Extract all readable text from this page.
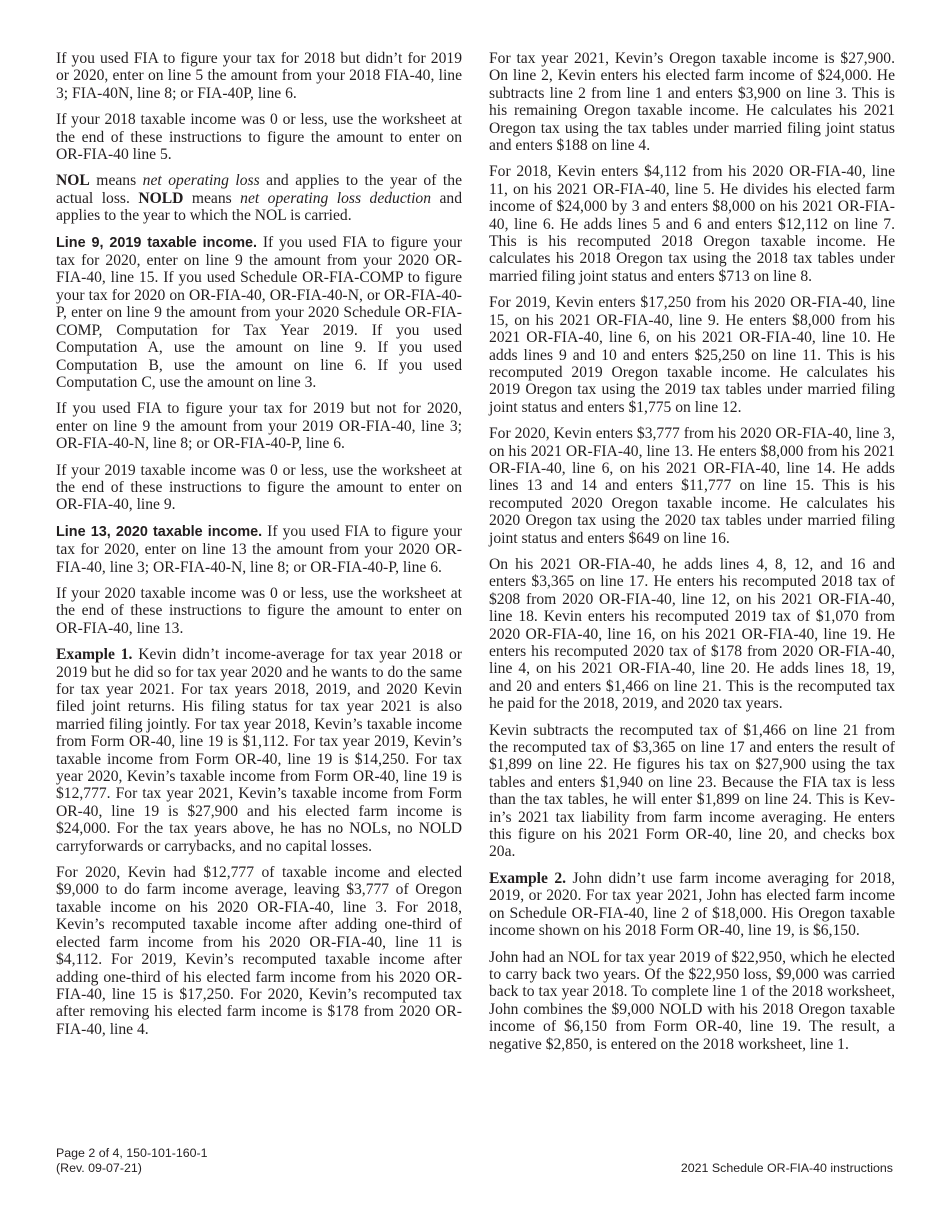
If you used FIA to figure your tax for 2018 but didn’t for 2019 or 2020, enter on line 5 the amount from your 2018 FIA-40, line 3; FIA-40N, line 8; or FIA-40P, line 6.

If your 2018 taxable income was 0 or less, use the worksheet at the end of these instructions to figure the amount to enter on OR-FIA-40 line 5.

NOL means net operating loss and applies to the year of the actual loss. NOLD means net operating loss deduction and applies to the year to which the NOL is carried.

Line 9, 2019 taxable income. If you used FIA to figure your tax for 2020, enter on line 9 the amount from your 2020 OR-FIA-40, line 15. If you used Schedule OR-FIA-COMP to figure your tax for 2020 on OR-FIA-40, OR-FIA-40-N, or OR-FIA-40-P, enter on line 9 the amount from your 2020 Schedule OR-FIA-COMP, Computation for Tax Year 2019. If you used Computation A, use the amount on line 9. If you used Computation B, use the amount on line 6. If you used Computation C, use the amount on line 3.

If you used FIA to figure your tax for 2019 but not for 2020, enter on line 9 the amount from your 2019 OR-FIA-40, line 3; OR-FIA-40-N, line 8; or OR-FIA-40-P, line 6.

If your 2019 taxable income was 0 or less, use the worksheet at the end of these instructions to figure the amount to enter on OR-FIA-40, line 9.

Line 13, 2020 taxable income. If you used FIA to figure your tax for 2020, enter on line 13 the amount from your 2020 OR-FIA-40, line 3; OR-FIA-40-N, line 8; or OR-FIA-40-P, line 6.

If your 2020 taxable income was 0 or less, use the worksheet at the end of these instructions to figure the amount to enter on OR-FIA-40, line 13.

Example 1. Kevin didn’t income-average for tax year 2018 or 2019 but he did so for tax year 2020 and he wants to do the same for tax year 2021. For tax years 2018, 2019, and 2020 Kevin filed joint returns. His filing status for tax year 2021 is also married filing jointly. For tax year 2018, Kevin’s taxable income from Form OR-40, line 19 is $1,112. For tax year 2019, Kevin’s taxable income from Form OR-40, line 19 is $14,250. For tax year 2020, Kevin’s taxable income from Form OR-40, line 19 is $12,777. For tax year 2021, Kevin’s taxable income from Form OR-40, line 19 is $27,900 and his elected farm income is $24,000. For the tax years above, he has no NOLs, no NOLD carryforwards or carrybacks, and no capital losses.

For 2020, Kevin had $12,777 of taxable income and elected $9,000 to do farm income average, leaving $3,777 of Oregon taxable income on his 2020 OR-FIA-40, line 3. For 2018, Kevin’s recomputed taxable income after adding one-third of elected farm income from his 2020 OR-FIA-40, line 11 is $4,112. For 2019, Kevin’s recomputed taxable income after adding one-third of his elected farm income from his 2020 OR-FIA-40, line 15 is $17,250. For 2020, Kevin’s recomputed tax after removing his elected farm income is $178 from 2020 OR-FIA-40, line 4.

For tax year 2021, Kevin’s Oregon taxable income is $27,900. On line 2, Kevin enters his elected farm income of $24,000. He subtracts line 2 from line 1 and enters $3,900 on line 3. This is his remaining Oregon taxable income. He calculates his 2021 Oregon tax using the tax tables under married filing joint status and enters $188 on line 4.

For 2018, Kevin enters $4,112 from his 2020 OR-FIA-40, line 11, on his 2021 OR-FIA-40, line 5. He divides his elected farm income of $24,000 by 3 and enters $8,000 on his 2021 OR-FIA-40, line 6. He adds lines 5 and 6 and enters $12,112 on line 7. This is his recomputed 2018 Oregon taxable income. He calculates his 2018 Oregon tax using the 2018 tax tables under married filing joint status and enters $713 on line 8.

For 2019, Kevin enters $17,250 from his 2020 OR-FIA-40, line 15, on his 2021 OR-FIA-40, line 9. He enters $8,000 from his 2021 OR-FIA-40, line 6, on his 2021 OR-FIA-40, line 10. He adds lines 9 and 10 and enters $25,250 on line 11. This is his recomputed 2019 Oregon taxable income. He calculates his 2019 Oregon tax using the 2019 tax tables under married filing joint status and enters $1,775 on line 12.

For 2020, Kevin enters $3,777 from his 2020 OR-FIA-40, line 3, on his 2021 OR-FIA-40, line 13. He enters $8,000 from his 2021 OR-FIA-40, line 6, on his 2021 OR-FIA-40, line 14. He adds lines 13 and 14 and enters $11,777 on line 15. This is his recomputed 2020 Oregon taxable income. He calculates his 2020 Oregon tax using the 2020 tax tables under married filing joint status and enters $649 on line 16.

On his 2021 OR-FIA-40, he adds lines 4, 8, 12, and 16 and enters $3,365 on line 17. He enters his recomputed 2018 tax of $208 from 2020 OR-FIA-40, line 12, on his 2021 OR-FIA-40, line 18. Kevin enters his recomputed 2019 tax of $1,070 from 2020 OR-FIA-40, line 16, on his 2021 OR-FIA-40, line 19. He enters his recomputed 2020 tax of $178 from 2020 OR-FIA-40, line 4, on his 2021 OR-FIA-40, line 20. He adds lines 18, 19, and 20 and enters $1,466 on line 21. This is the recomputed tax he paid for the 2018, 2019, and 2020 tax years.

Kevin subtracts the recomputed tax of $1,466 on line 21 from the recomputed tax of $3,365 on line 17 and enters the result of $1,899 on line 22. He figures his tax on $27,900 using the tax tables and enters $1,940 on line 23. Because the FIA tax is less than the tax tables, he will enter $1,899 on line 24. This is Kevin’s 2021 tax liability from farm income averaging. He enters this figure on his 2021 Form OR-40, line 20, and checks box 20a.

Example 2. John didn’t use farm income averaging for 2018, 2019, or 2020. For tax year 2021, John has elected farm income on Schedule OR-FIA-40, line 2 of $18,000. His Oregon taxable income shown on his 2018 Form OR-40, line 19, is $6,150.

John had an NOL for tax year 2019 of $22,950, which he elected to carry back two years. Of the $22,950 loss, $9,000 was carried back to tax year 2018. To complete line 1 of the 2018 worksheet, John combines the $9,000 NOLD with his 2018 Oregon taxable income of $6,150 from Form OR-40, line 19. The result, a negative $2,850, is entered on the 2018 worksheet, line 1.

Page 2 of 4, 150-101-160-1
(Rev. 09-07-21)	2021 Schedule OR-FIA-40 instructions
